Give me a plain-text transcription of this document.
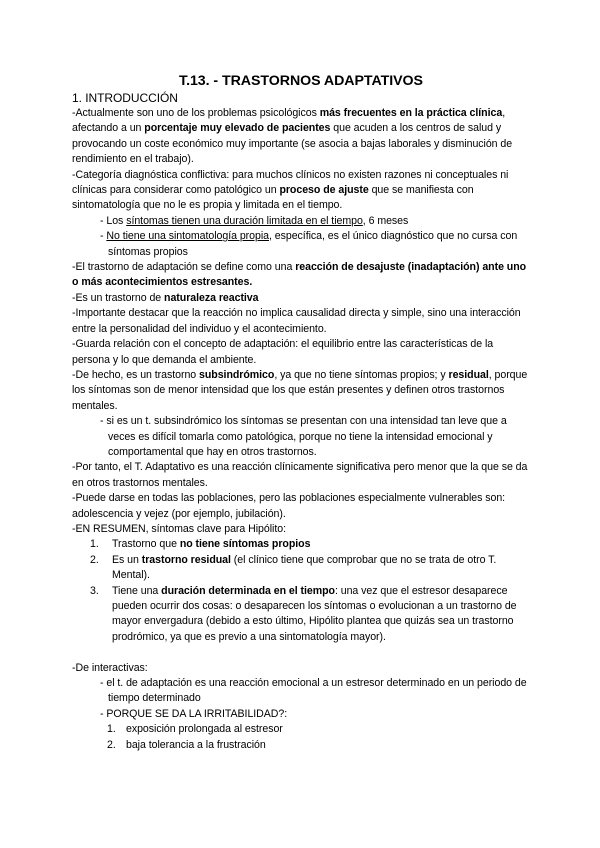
T.13. - TRASTORNOS ADAPTATIVOS
1. INTRODUCCIÓN

-Actualmente son uno de los problemas psicológicos más frecuentes en la práctica clínica, afectando a un porcentaje muy elevado de pacientes que acuden a los centros de salud y provocando un coste económico muy importante (se asocia a bajas laborales y disminución de rendimiento en el trabajo).

-Categoría diagnóstica conflictiva: para muchos clínicos no existen razones ni conceptuales ni clínicas para considerar como patológico un proceso de ajuste que se manifiesta con sintomatología que no le es propia y limitada en el tiempo.

- Los síntomas tienen una duración limitada en el tiempo, 6 meses

- No tiene una sintomatología propia, específica, es el único diagnóstico que no cursa con síntomas propios

-El trastorno de adaptación se define como una reacción de desajuste (inadaptación) ante uno o más acontecimientos estresantes.

-Es un trastorno de naturaleza reactiva

-Importante destacar que la reacción no implica causalidad directa y simple, sino una interacción entre la personalidad del individuo y el acontecimiento.

-Guarda relación con el concepto de adaptación: el equilibrio entre las características de la persona y lo que demanda el ambiente.

-De hecho, es un trastorno subsindrómico, ya que no tiene síntomas propios; y residual, porque los síntomas son de menor intensidad que los que están presentes y definen otros trastornos mentales.

- si es un t. subsindrómico los síntomas se presentan con una intensidad tan leve que a veces es difícil tomarla como patológica, porque no tiene la intensidad emocional y comportamental que hay en otros trastornos.

-Por tanto, el T. Adaptativo es una reacción clínicamente significativa pero menor que la que se da en otros trastornos mentales.

-Puede darse en todas las poblaciones, pero las poblaciones especialmente vulnerables son: adolescencia y vejez (por ejemplo, jubilación).

-EN RESUMEN, síntomas clave para Hipólito:

1. Trastorno que no tiene síntomas propios

2. Es un trastorno residual (el clínico tiene que comprobar que no se trata de otro T. Mental).

3. Tiene una duración determinada en el tiempo: una vez que el estresor desaparece pueden ocurrir dos cosas: o desaparecen los síntomas o evolucionan a un trastorno de mayor envergadura (debido a esto último, Hipólito plantea que quizás sea un trastorno prodrómico, ya que es previo a una sintomatología mayor).

-De interactivas:

- el t. de adaptación es una reacción emocional a un estresor determinado en un periodo de tiempo determinado

- PORQUE SE DA LA IRRITABILIDAD?:

1. exposición prolongada al estresor

2. baja tolerancia a la frustración
